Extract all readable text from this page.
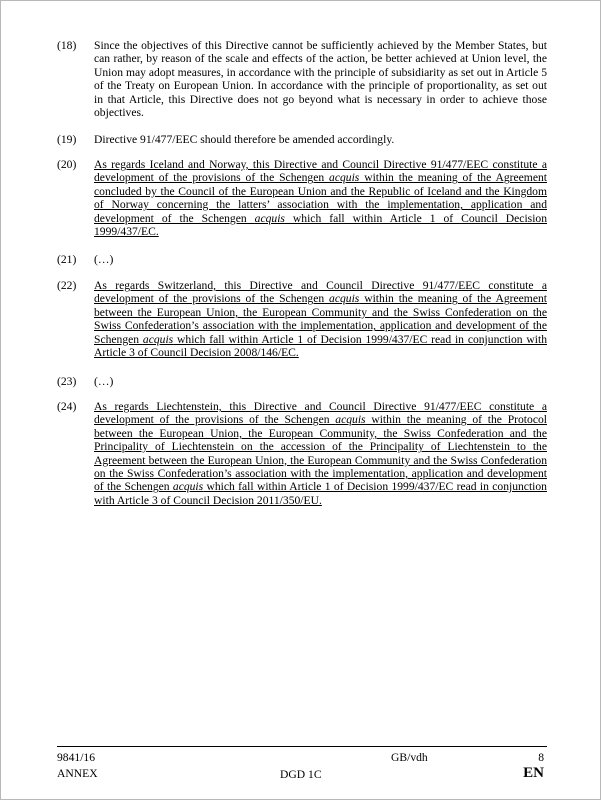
(18)	Since the objectives of this Directive cannot be sufficiently achieved by the Member States, but can rather, by reason of the scale and effects of the action, be better achieved at Union level, the Union may adopt measures, in accordance with the principle of subsidiarity as set out in Article 5 of the Treaty on European Union. In accordance with the principle of proportionality, as set out in that Article, this Directive does not go beyond what is necessary in order to achieve those objectives.
(19)	Directive 91/477/EEC should therefore be amended accordingly.
(20)	As regards Iceland and Norway, this Directive and Council Directive 91/477/EEC constitute a development of the provisions of the Schengen acquis within the meaning of the Agreement concluded by the Council of the European Union and the Republic of Iceland and the Kingdom of Norway concerning the latters’ association with the implementation, application and development of the Schengen acquis which fall within Article 1 of Council Decision 1999/437/EC.
(21)	(…)
(22)	As regards Switzerland, this Directive and Council Directive 91/477/EEC constitute a development of the provisions of the Schengen acquis within the meaning of the Agreement between the European Union, the European Community and the Swiss Confederation on the Swiss Confederation’s association with the implementation, application and development of the Schengen acquis which fall within Article 1 of Decision 1999/437/EC read in conjunction with Article 3 of Council Decision 2008/146/EC.
(23)	(…)
(24)	As regards Liechtenstein, this Directive and Council Directive 91/477/EEC constitute a development of the provisions of the Schengen acquis within the meaning of the Protocol between the European Union, the European Community, the Swiss Confederation and the Principality of Liechtenstein on the accession of the Principality of Liechtenstein to the Agreement between the European Union, the European Community and the Swiss Confederation on the Swiss Confederation’s association with the implementation, application and development of the Schengen acquis which fall within Article 1 of Decision 1999/437/EC read in conjunction with Article 3 of Council Decision 2011/350/EU.
9841/16	GB/vdh	8
ANNEX	DGD 1C	EN
